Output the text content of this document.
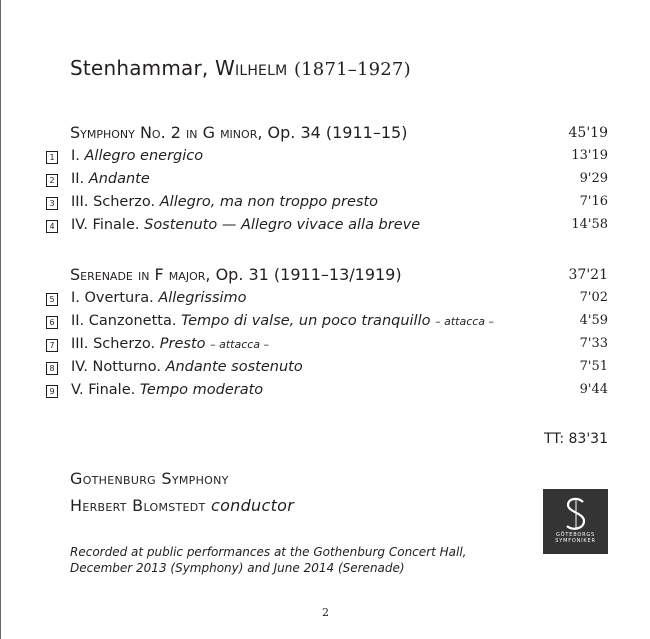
Stenhammar, Wilhelm (1871–1927)
Symphony No. 2 in G minor, Op. 34 (1911–15)	45'19
1 I. Allegro energico	13'19
2 II. Andante	9'29
3 III. Scherzo. Allegro, ma non troppo presto	7'16
4 IV. Finale. Sostenuto — Allegro vivace alla breve	14'58
Serenade in F major, Op. 31 (1911–13/1919)	37'21
5 I. Overtura. Allegrissimo	7'02
6 II. Canzonetta. Tempo di valse, un poco tranquillo – attacca –	4'59
7 III. Scherzo. Presto – attacca –	7'33
8 IV. Notturno. Andante sostenuto	7'51
9 V. Finale. Tempo moderato	9'44
TT: 83'31
Gothenburg Symphony
Herbert Blomstedt conductor
Recorded at public performances at the Gothenburg Concert Hall,
December 2013 (Symphony) and June 2014 (Serenade)
GÖTEBORGS
SYMFONIKER
2
